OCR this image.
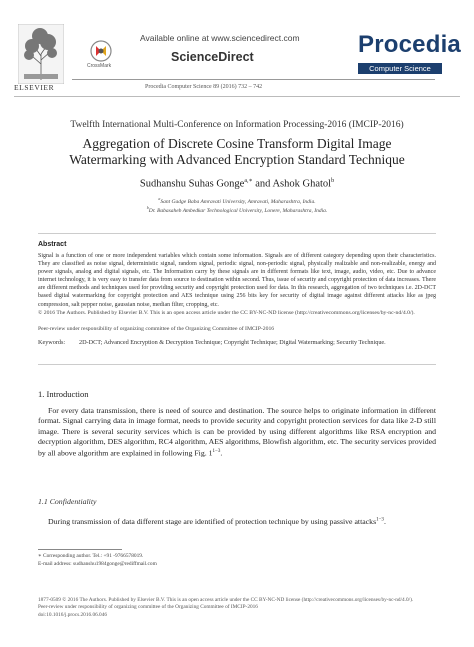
ELSEVIER
Available online at www.sciencedirect.com
CrossMark
ScienceDirect
Procedia Computer Science 89 (2016) 732 – 742
Procedia
Computer Science
Twelfth International Multi-Conference on Information Processing-2016 (IMCIP-2016)
Aggregation of Discrete Cosine Transform Digital Image
Watermarking with Advanced Encryption Standard Technique
Sudhanshu Suhas Gonge$^{a,∗}$ and Ashok Ghatol$^b$
$^a$Sant Gadge Baba Amravati University, Amravati, Maharashtra, India.
$^b$Dr. Babasaheb Ambedkar Technological University, Lonere, Maharashtra, India.
Abstract
Signal is a function of one or more independent variables which contain some information. Signals are of different category depending upon their characteristics. They are classified as noise signal, deterministic signal, random signal, periodic signal, non-periodic signal, physically realizable and non-realizable, energy and power signals, analog and digital signals, etc. The Information carry by these signals are in different formats like text, image, audio, video, etc. Due to advance internet technology, it is very easy to transfer data from source to destination within second. Thus, issue of security and copyright protection of data increases. There are different methods and techniques used for providing security and copyright protection used for data. In this research, aggregation of two techniques i.e. 2D-DCT based digital watermarking for copyright protection and AES technique using 256 bits key for security of digital image against different attacks like as jpeg compression, salt pepper noise, gaussian noise, median filter, cropping, etc.
© 2016 The Authors. Published by Elsevier B.V. This is an open access article under the CC BY-NC-ND license (http://creativecommons.org/licenses/by-nc-nd/4.0/).
Peer-review under responsibility of organizing committee of the Organizing Committee of IMCIP-2016
Keywords: 2D-DCT; Advanced Encryption & Decryption Technique; Copyright Technique; Digital Watermarking; Security Technique.
1. Introduction
For every data transmission, there is need of source and destination. The source helps to originate information in different format. Signal carrying data in image format, needs to provide security and copyright protection services for data like 2-D still image. There is several security services which is can be provided by using different algorithms like RSA encryption and decryption algorithm, DES algorithm, RC4 algorithm, AES algorithms, Blowfish algorithm, etc. The security services provided by all above algorithm are explained in following Fig. $1^{1-3}$.
1.1 Confidentiality
During transmission of data different stage are identified of protection technique by using passive attacks$^{1-3}$.
∗ Corresponding author. Tel.: +91 -9766578019.
E-mail address: sudhanshu1984gonge@rediffmail.com
1877-0509 © 2016 The Authors. Published by Elsevier B.V. This is an open access article under the CC BY-NC-ND license (http://creativecommons.org/licenses/by-nc-nd/4.0/).
Peer-review under responsibility of organizing committee of the Organizing Committee of IMCIP-2016
doi:10.1016/j.procs.2016.06.046
